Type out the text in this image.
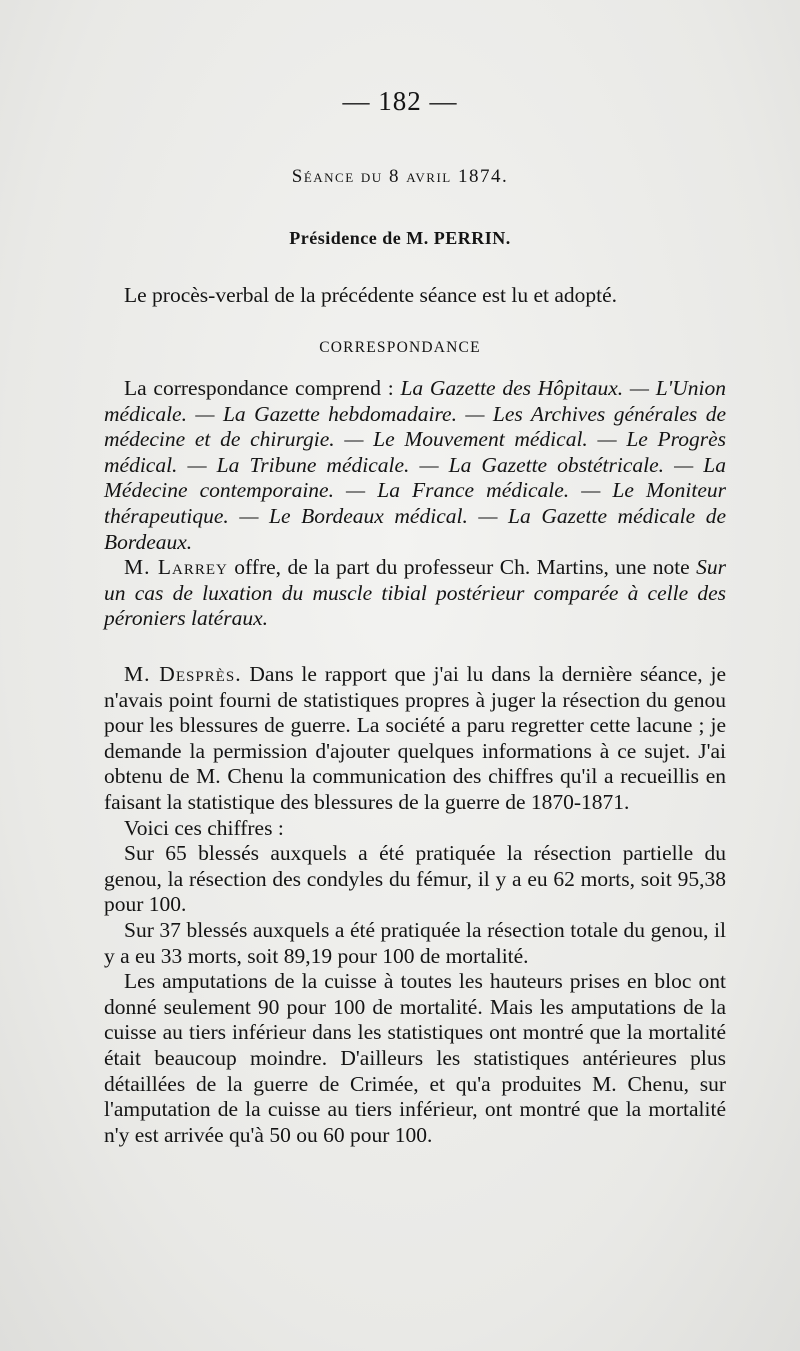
— 182 —
Séance du 8 avril 1874.
Présidence de M. PERRIN.

Le procès-verbal de la précédente séance est lu et adopté.

CORRESPONDANCE

La correspondance comprend : La Gazette des Hôpitaux. — L'Union médicale. — La Gazette hebdomadaire. — Les Archives générales de médecine et de chirurgie. — Le Mouvement médical. — Le Progrès médical. — La Tribune médicale. — La Gazette obstétricale. — La Médecine contemporaine. — La France médicale. — Le Moniteur thérapeutique. — Le Bordeaux médical. — La Gazette médicale de Bordeaux.

M. Larrey offre, de la part du professeur Ch. Martins, une note Sur un cas de luxation du muscle tibial postérieur comparée à celle des péroniers latéraux.

M. Desprès. Dans le rapport que j'ai lu dans la dernière séance, je n'avais point fourni de statistiques propres à juger la résection du genou pour les blessures de guerre. La société a paru regretter cette lacune ; je demande la permission d'ajouter quelques informations à ce sujet. J'ai obtenu de M. Chenu la communication des chiffres qu'il a recueillis en faisant la statistique des blessures de la guerre de 1870-1871.

Voici ces chiffres :

Sur 65 blessés auxquels a été pratiquée la résection partielle du genou, la résection des condyles du fémur, il y a eu 62 morts, soit 95,38 pour 100.

Sur 37 blessés auxquels a été pratiquée la résection totale du genou, il y a eu 33 morts, soit 89,19 pour 100 de mortalité.

Les amputations de la cuisse à toutes les hauteurs prises en bloc ont donné seulement 90 pour 100 de mortalité. Mais les amputations de la cuisse au tiers inférieur dans les statistiques ont montré que la mortalité était beaucoup moindre. D'ailleurs les statistiques antérieures plus détaillées de la guerre de Crimée, et qu'a produites M. Chenu, sur l'amputation de la cuisse au tiers inférieur, ont montré que la mortalité n'y est arrivée qu'à 50 ou 60 pour 100.
